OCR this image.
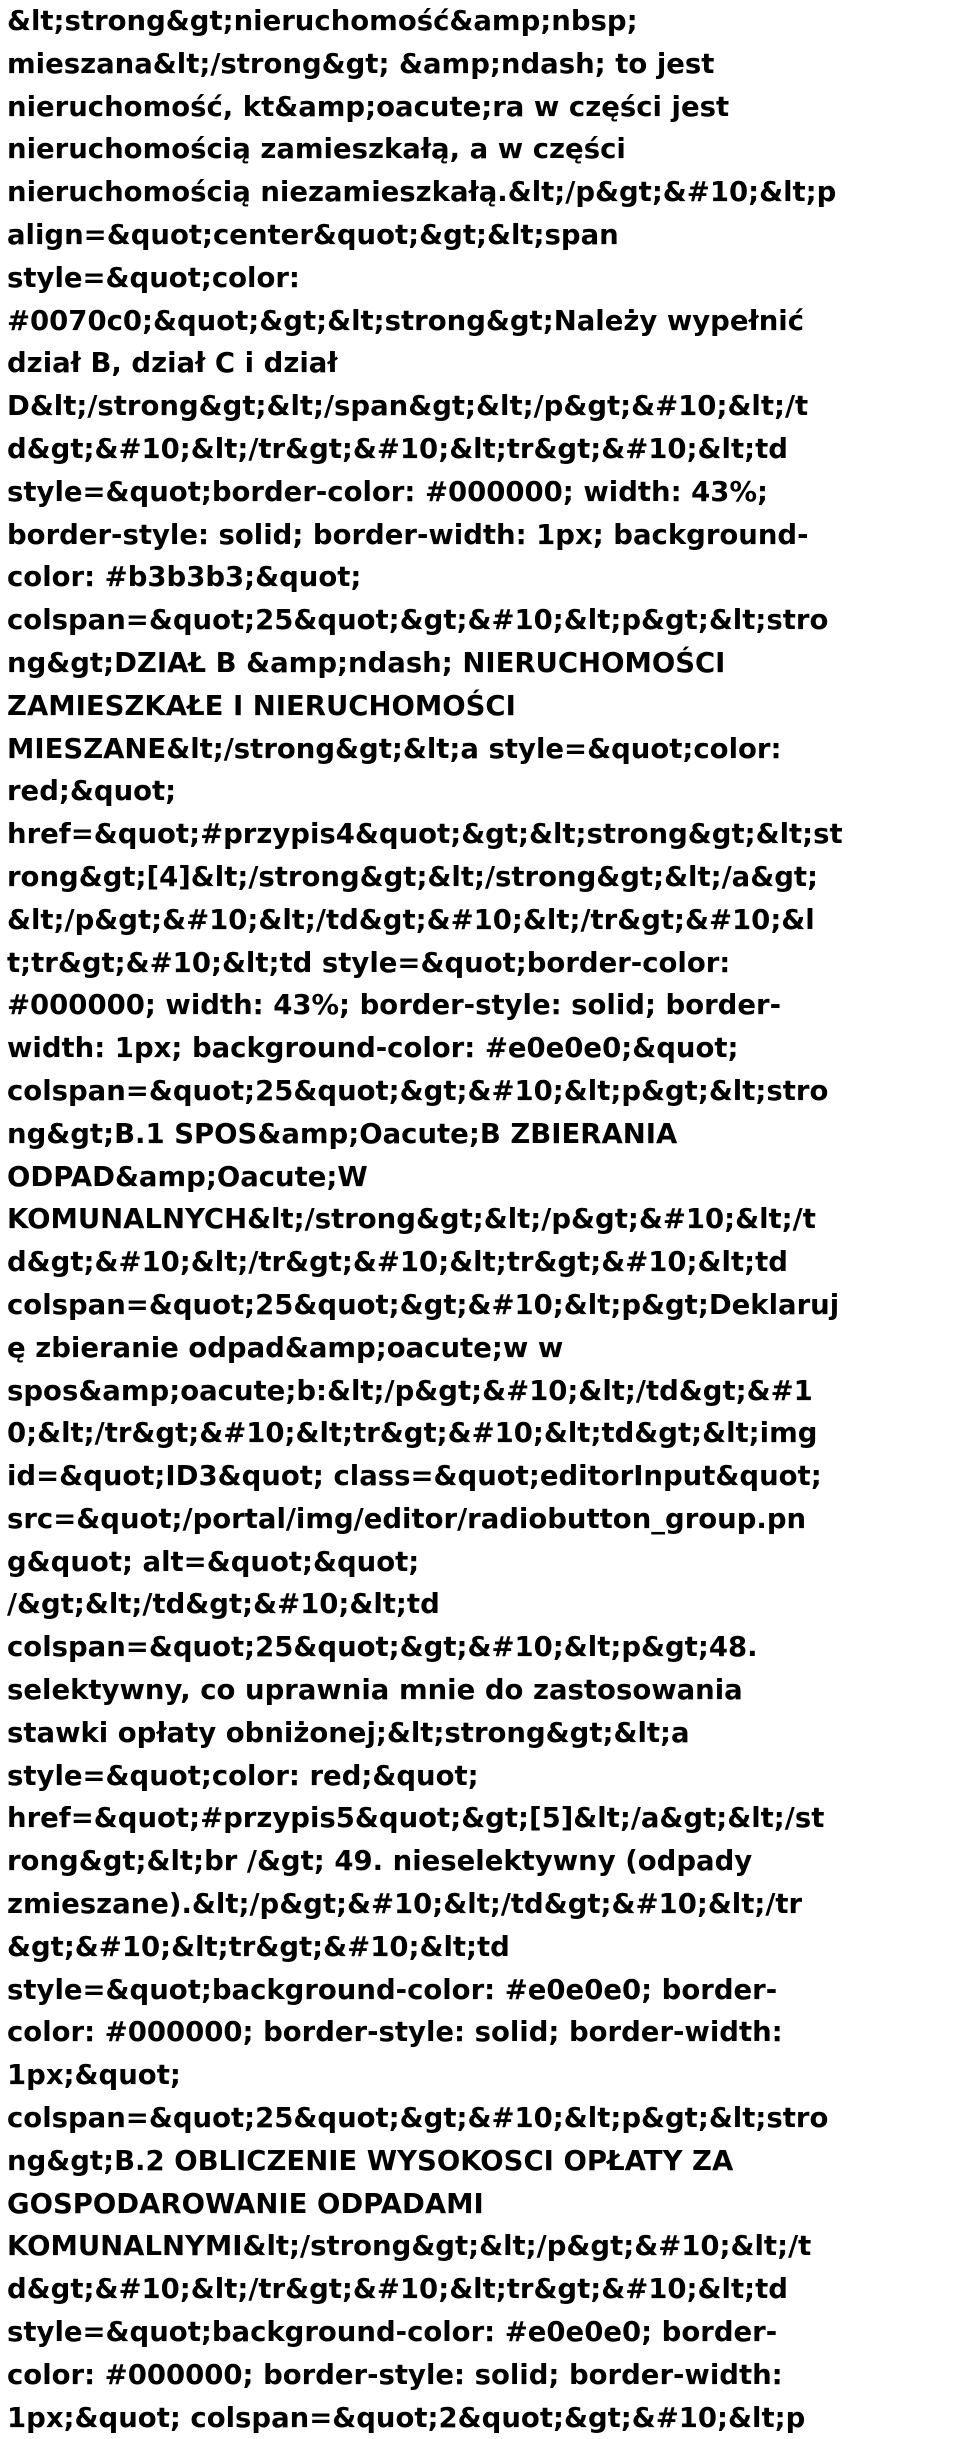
&lt;strong&gt;nieruchomość&amp;nbsp;
mieszana&lt;/strong&gt; &amp;ndash; to jest
nieruchomość, kt&amp;oacute;ra w części jest
nieruchomością zamieszkałą, a w części
nieruchomością niezamieszkałą.&lt;/p&gt;&#10;&lt;p
align=&quot;center&quot;&gt;&lt;span
style=&quot;color:
#0070c0;&quot;&gt;&lt;strong&gt;Należy wypełnić
dział B, dział C i dział
D&lt;/strong&gt;&lt;/span&gt;&lt;/p&gt;&#10;&lt;/t
d&gt;&#10;&lt;/tr&gt;&#10;&lt;tr&gt;&#10;&lt;td
style=&quot;border-color: #000000; width: 43%;
border-style: solid; border-width: 1px; background-
color: #b3b3b3;&quot;
colspan=&quot;25&quot;&gt;&#10;&lt;p&gt;&lt;stro
ng&gt;DZIAŁ B &amp;ndash; NIERUCHOMOŚCI
ZAMIESZKAŁE I NIERUCHOMOŚCI
MIESZANE&lt;/strong&gt;&lt;a style=&quot;color:
red;&quot;
href=&quot;#przypis4&quot;&gt;&lt;strong&gt;&lt;st
rong&gt;[4]&lt;/strong&gt;&lt;/strong&gt;&lt;/a&gt;
&lt;/p&gt;&#10;&lt;/td&gt;&#10;&lt;/tr&gt;&#10;&l
t;tr&gt;&#10;&lt;td style=&quot;border-color:
#000000; width: 43%; border-style: solid; border-
width: 1px; background-color: #e0e0e0;&quot;
colspan=&quot;25&quot;&gt;&#10;&lt;p&gt;&lt;stro
ng&gt;B.1 SPOS&amp;Oacute;B ZBIERANIA
ODPAD&amp;Oacute;W
KOMUNALNYCH&lt;/strong&gt;&lt;/p&gt;&#10;&lt;/t
d&gt;&#10;&lt;/tr&gt;&#10;&lt;tr&gt;&#10;&lt;td
colspan=&quot;25&quot;&gt;&#10;&lt;p&gt;Deklaruj
ę zbieranie odpad&amp;oacute;w w
spos&amp;oacute;b:&lt;/p&gt;&#10;&lt;/td&gt;&#1
0;&lt;/tr&gt;&#10;&lt;tr&gt;&#10;&lt;td&gt;&lt;img
id=&quot;ID3&quot; class=&quot;editorInput&quot;
src=&quot;/portal/img/editor/radiobutton_group.pn
g&quot; alt=&quot;&quot;
/&gt;&lt;/td&gt;&#10;&lt;td
colspan=&quot;25&quot;&gt;&#10;&lt;p&gt;48.
selektywny, co uprawnia mnie do zastosowania
stawki opłaty obniżonej;&lt;strong&gt;&lt;a
style=&quot;color: red;&quot;
href=&quot;#przypis5&quot;&gt;[5]&lt;/a&gt;&lt;/st
rong&gt;&lt;br /&gt; 49. nieselektywny (odpady
zmieszane).&lt;/p&gt;&#10;&lt;/td&gt;&#10;&lt;/tr
&gt;&#10;&lt;tr&gt;&#10;&lt;td
style=&quot;background-color: #e0e0e0; border-
color: #000000; border-style: solid; border-width:
1px;&quot;
colspan=&quot;25&quot;&gt;&#10;&lt;p&gt;&lt;stro
ng&gt;B.2 OBLICZENIE WYSOKOSCI OPŁATY ZA
GOSPODAROWANIE ODPADAMI
KOMUNALNYMI&lt;/strong&gt;&lt;/p&gt;&#10;&lt;/t
d&gt;&#10;&lt;/tr&gt;&#10;&lt;tr&gt;&#10;&lt;td
style=&quot;background-color: #e0e0e0; border-
color: #000000; border-style: solid; border-width:
1px;&quot; colspan=&quot;2&quot;&gt;&#10;&lt;p
